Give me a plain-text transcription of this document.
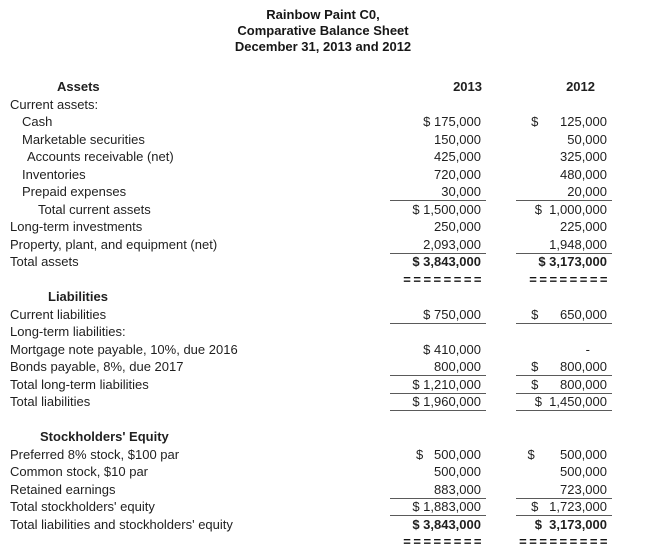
Rainbow Paint C0,
Comparative Balance Sheet
December 31, 2013 and 2012
Assets	2013	2012
Current assets:
Cash	$ 175,000	$      125,000
Marketable securities	150,000	50,000
Accounts receivable (net)	425,000	325,000
Inventories	720,000	480,000
Prepaid expenses	30,000	20,000
Total current assets	$ 1,500,000	$  1,000,000
Long-term investments	250,000	225,000
Property, plant, and equipment (net)	2,093,000	1,948,000
Total assets	$ 3,843,000	$ 3,173,000
========	========
Liabilities
Current liabilities	$ 750,000	$      650,000
Long-term liabilities:
Mortgage note payable, 10%, due 2016	$ 410,000	-
Bonds payable, 8%, due 2017	800,000	$      800,000
Total long-term liabilities	$ 1,210,000	$      800,000
Total liabilities	$ 1,960,000	$  1,450,000
Stockholders' Equity
Preferred 8% stock, $100 par	$   500,000	$       500,000
Common stock, $10 par	500,000	500,000
Retained earnings	883,000	723,000
Total stockholders' equity	$ 1,883,000	$   1,723,000
Total liabilities and stockholders' equity	$ 3,843,000	$  3,173,000
========	=========
